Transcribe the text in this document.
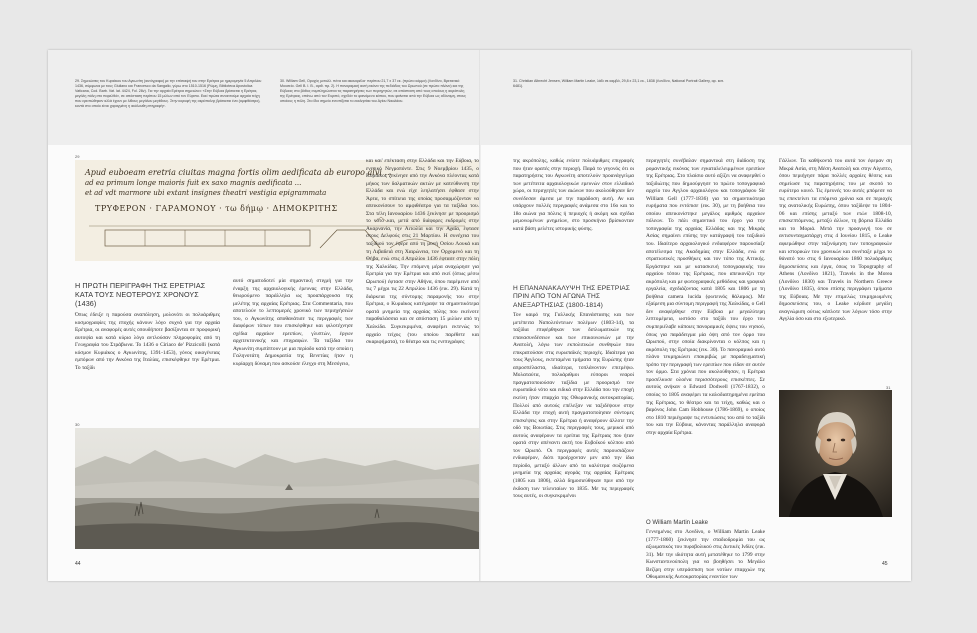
29. Σημειώσεις του Κυριάκου του Αγκωνίτη (αυτόγραφο) με την επίσκεψή του στην Ερέτρια με ημερομηνία 5 Απριλίου 1436, σύμφωνα με τους Giuliano και Francesco da Sangallo, γύρω στο 1510-1516 (Ρώμη, Biblioteca Apostolica Vaticana, Cod. Barb. Vat. lat. 4424, Fol. 28v). Για την αρχαία Ερέτρια σημειώνει: «Στην Εύβοια βρίσκεται η Ερέτρια, μεγάλη πόλη στο παρελθόν, σε απόσταση περίπου 15 μιλίων από τον Εύριπο. Εκεί πρώτα συναντούμε αρχαία τείχη που ερειπώθηκαν αλλά έχουν με λίθους μεγάλου μεγέθους. Στην κορυφή της ακρόπολης βρίσκεται ένα (αμφιθέατρο), κοντά στο οποίο είναι χαραγμένη η ακόλουθη επιγραφή».
30. William Gell, Ορυχός μεταλλ. πένα και ακουαρέλα· περίπου 21,7 x 37 εκ. (πρώτο κόμμα) (Λονδίνο, Βρετανικό Μουσείο. Gell B. I. B., αριθ. πρ. 2). Η πανοραμική αυτή εικόνα της πεδιάδας του Ωρωπού (σε πρώτο πλάνο) και της Εύβοιας στο βάθος συμπληρώνεται τις παρατηρήσεις των περιηγητών, σε απόσταση από τους οποίους η ακρόπολη της Ερέτριας, επάνω από τον Ευριπό, σχεδόν το φαινόμενο κάπου, που φαίνεται από την Εύβοια ως αδύναμη, στους οποίους η πόλη. Στο ίδιο σημείο εντοπίζεται το εκκλησάκι του Αγίου Νικολάου.
31. Christian Albrecht Jensen, William Martin Leake, λάδι σε καμβά, 29,8 x 23,1 εκ., 1838 (Λονδίνο, National Portrait Gallery, αρ. κατ. 6481).
29
Apud euboeam eretria ciuitas magna fortis olim aedificata ab europo alvi ...
ad ea primum longe maioris fuit ex saxo magnis aedificata ...
et ad vdt marmore ubi extant insignes theatri vestigia epigrammata
ΤΡΥΦΕΡΟΝ · ΓΑΡΑΜΟΝΟΥ · τω δήμῳ · ΔΗΜΟΚΡΙΤΗΣ
Η ΠΡΩΤΗ ΠΕΡΙΓΡΑΦΗ ΤΗΣ ΕΡΕΤΡΙΑΣ ΚΑΤΑ ΤΟΥΣ ΝΕΟΤΕΡΟΥΣ ΧΡΟΝΟΥΣ (1436)

Όπως έδειξε η παρούσα αναπόληση, μολονότι οι πολυάριθμες κοσμογραφίες της εποχής κάνουν λόγο συχνά για την αρχαία Ερέτρια, οι αναφορές αυτές οπουδήποτε βασίζονται σε προφορική αυτοψία και κατά κύριο λόγο αντλούσαν πληροφορίες από τη Γεωγραφία του Στράβωνα. Το 1436 ο Ciriaco de' Pizzicolli (κατά κόσμον Κυριάκος ο Αγκωνίτης, 1391-1453), γόνος οικογένειας εμπόρων από την Ανκόνα της Ιταλίας, επισκέφθηκε την Ερέτρια. Το ταξίδι

αυτό σηματοδοτεί μία σημαντική στιγμή για την έναρξη της αρχαιολογικής έρευνας στην Ελλάδα, θεωρούμενο παράλληλα ως προαπάρχουσα της μελέτης της αρχαίας Ερέτριας. Στα Commentaria, που αποτελούν το λεπτομερές χρονικό των περιηγήσεών του, ο Αγκωνίτης αποθανάτισε τις περιγραφές των διαφόρων τόπων που επισκέφθηκε και φιλοτέχνησε σχέδια αρχαίων ερειπίων, γλυπτών, έργων αρχιτεκτονικής και επιγραφών. Τα ταξίδια του Αγκωνίτη συμπίπτουν με μια περίοδο κατά την οποία η Γαληνοτάτη Δημοκρατία της Βενετίας ήταν η κυρίαρχη δύναμη που ασκούσε έλεγχο στη Μεσόγειο,

και και' επέκταση στην Ελλάδα και την Εύβοια, το ενετικό Νεγροπόντε. Στις 9 Νοεμβρίου 1435, ο Κυριάκος ξεκίνησε από την Ανκόνα πλέοντας κατά μήκος των δαλματικών ακτών με κατεύθυνση την Ελλάδα και ενώ είχε λεηλατήσει έφθασε στην Άρτα, το σπίτιεια της οποίας προσαρμόζονταν να απεικονίσουν το αμφιθέατρο για τα ταξίδια του. Στα τέλη Ιανουαρίου 1436 ξεκίνησε με προορισμό το νότο και, μετά από διάφορες εκδρομές στην Ακαρνανία, την Αιτωλία και την Αχαΐα, έφτασε στους Δελφούς στις 21 Μαρτίου. Η συνέχεια του ταξιδιού τον έφερε από τη μονή Οσίου Λουκά και τη Λιβαδειά στη Χαιρώνεια, τον Ορχομενό και τη Θήβα, ενώ στις 4 Απριλίου 1436 έφτασε στην πόλη της Χαλκίδας. Την επόμενη μέρα αναχώρησε για Ερετρία για την Ερέτρια και από εκεί (όπως μέσω Ωρωπού) έφτασε στην Αθήνα, όπου παρέμεινε από τις 7 μέχρι τις 22 Απριλίου 1436 (εικ. 29). Κατά τη διάρκεια της σύντομης παραμονής του στην Ερέτρια, ο Κυριάκος κατέγραψε τα σημαντικότερα ορατά μνημεία της αρχαίας πόλης που εκείνοτε παραθαλάσσια και σε απόσταση 15 μιλίων από τη Χαλκίδα. Συγκεκριμένα, αναφέρει εκτενώς το αρχαίο τείχος (του οποίου παρέθετε και σκαριφήματα), το θέατρο και τις ενεπιγράφες

30

της ακρόπολης, καθώς ενίοτε πολυάριθμες επιγραφές που ήταν ορατές στην περιοχή. Παρά το γεγονός ότι οι παρατηρήσεις του Αγκωνίτη αποτελούν προανάγγελμα των μετέπειτα αρχαιολογικών ερευνών στον ελλαδικό χώρο, οι περιηγητές των αιώνων που ακολούθησαν δεν συνέδεσαν άμεσα με την παράδοση αυτή. Αν και υπάρχουν πολλές περιγραφές ανάμεσα στο 16ο και το 18ο αιώνα για πόλεις ή περιοχές ή ακόμη και σχέδια μεμονωμένων μνημείων, στο προσκήνιο βρίσκονταν κατά βάση μελέτες ιστορικής φύσης.

Η ΕΠΑΝΑΝΑΚΑΛΥΨΗ ΤΗΣ ΕΡΕΤΡΙΑΣ ΠΡΙΝ ΑΠΟ ΤΟΝ ΑΓΩΝΑ ΤΗΣ ΑΝΕΞΑΡΤΗΣΙΑΣ (1800-1814)

Τον καιρό της Γαλλικής Επανάστασης και των μετέπειτα Ναπολεόντειων πολέμων (1803-14), τα ταξίδια επιφέρθηκαν των διπλωματικών της επανασυνδέσεων και των επικοινωνιών με την Ανατολή, λόγω των εκπολιτικών συνθηκών που επικρατούσαν στις ευρωπαϊκές περιοχές. Ιδιαίτερα για τους Άγγλους, εκτεταμένα τμήματα της Ευρώπης ήταν απροσπέλαστα, ιδιαίτερα, τοπλάνοντον επιτρέψω. Μολαταύτα, πολυάριθμοι εύποροι νεαροί πραγματοποιούσαν ταξίδια με προορισμό τον ευρωπαϊκό νότο και ειδικά στην Ελλάδα που την εποχή εκείνη ήταν επαρχία της Οθωμανικής αυτοκρατορίας. Πολλοί από αυτούς επέλεξαν να ταξιδέψουν στην Ελλάδα την εποχή αυτή πραγματοποίησαν σύντομες επισκέψεις και στην Ερέτρια ή αναφέρουν άλλοτε την οδό της Βοιωτίας. Στις περιγραφές τους, μερικοί από αυτούς αναφέρουν τα ερείπια της Ερέτριας που ήταν ορατά στην απέναντι ακτή του Ευβοϊκού κόλπου από τον Ωρωπό. Οι περιγραφές αυτές παρουσιάζουν ενδιαφέρον, διότι προέρχονταν μεν από την ίδια περίοδο, μεταξύ άλλων από τα καλύτερα σωζόμενα μνημεία της αρχαίας αγοράς της αρχαίας Ερέτριας (1805 και 1806), αλλά δημοσιεύθηκαν πριν από την έκδοση των τελευταίων το 1835. Με τις περιγραφές τους αυτές, οι συγκεκριμένοι

περιηγητές συνέβαλαν σημαντικά στη διάδοση της ρομαντικής εικόνας των εγκαταλελειμμένων ερειπίων της Ερέτριας. Στο πλαίσιο αυτό αξίζει να αναφερθεί ο ταξιδιώτης που δημιούργησε το πρώτο τοπογραφικό αρχείο του Αγγλου αρχαιολόγου και τοπογράφου Sir William Gell (1777-1836) για τα σημαντικότερα ευρήματα που εντόπισε (εικ. 30), με τη βοήθεια του οποίου απεικονίστηκε μεγάλος αριθμός αρχαίων πόλεων. Το πάλι σημαντικό του έργο για την τοπογραφία της αρχαίας Ελλάδας και της Μικράς Ασίας σημαίνει επίσης την κατάγραφή του ταξιδιού του. Ιδιαίτερο αρχαιολογικό ενδιαφέρον παρουσίαζε αποτέλεσμα της Ακαδημίας στην Ελλάδα, ενώ σε στρατιωτικές προσθήκες και τον τόπο της Αττικής. Εργάστηκε και με κατασκευή τοπογραφικής του αρχαίου τόπου της Ερέτριας, που απεικονίζει την ακρόπολη και με φωτογραφικές μεθόδους και γραφικά εργαλεία, σχεδιάζοντας κατά 1805 και 1806 με τη βοήθεια camera lucida (φωτεινός θάλαμος). Με εξαίρεση μια σύντομη περιγραφή της Χαλκίδας, ο Gell δεν αναφέρθηκε στην Εύβοια με μεγαλύτερη λεπτομέρεια, ωστόσο στο ταξίδι του έργο του συμπεριέλαβε κάποιες πανοραμικές όψεις του νησιού, όπως για παράδειγμα μία όψη από τον όρμο του Ωρωπού, στην οποία διακρίνονται ο κόλπος και η ακρόπολη της Ερέτριας (εικ. 30). Το πανοραμικό αυτό πλάνο τεκμηριώνει επακριβώς με παραδειγματική τρόπο την περιγραφή των ερειπίων που είδαν σε αυτόν τον όρμο. Στα χρόνια που ακολούθησαν, η Ερέτρια προσέλκυσε ολοένα περισσότερους επισκέπτες. Σε αυτούς ανήκαν ο Edward Dodwell (1767-1832), ο οποίος το 1805 αναφέρει τα καλοδιατηρημένα ερείπια της Ερέτριας, το θέατρο και τα τείχη, καθώς και ο βαρόνος John Cam Hobhouse (1786-1869), ο οποίος στο 1810 περιέγραψε τις εντυπώσεις του από το ταξίδι του και την Εύβοια, κάνοντας παράλληλα αναφορά στην αρχαία Ερέτρια.

Ο William Martin Leake

Γεννημένος στο Λονδίνο, ο William Martin Leake (1777-1860) ξεκίνησε την σταδιοδρομία του ως αξιωματικός του πυροβολικού στις Δυτικές Ινδίες (εικ. 31). Με την ιδιότητα αυτή μετατέθηκε το 1799 στην Κωνσταντινούπολη για να βοηθήσει το Μεγάλο Βεζίρη στην υπεράσπιση των νοτίων επαρχιών της Οθωμανικής Αυτοκρατορίας εναντίον των

Γάλλων. Τα καθήκοντά του αυτά τον έφεραν ση Μικρά Ασία, στη Μέση Ανατολή και στην Αίγυπτο, όπου περιήγησε πάρα πολλές αρχαίες θέσεις και σημείωσε τις παρατηρήσεις του με σκοπό το ευρύτερο κοινό. Τις έρευνές του αυτές μπόρεσε να τις επεκτείνει τα επόμενα χρόνια και σε περιοχές της ανατολικής Ευρώπης, όπου ταξίδεψε το 1804-06 και επίσης μεταξύ των ετών 1808-10, επισκεπτόμενος, μεταξύ άλλων, τη βόρεια Ελλάδα και το Μοριά. Μετά την προαγωγή του σε αντισυνταγματάρχη στις 4 Ιουνίου 1815, ο Leake αφιερώθηκε στην ταξινόμηση των τοπογραφικών και ιστορικών του χρονικών και συνέταξε μέχρι το θάνατό του στις 6 Ιανουαρίου 1860 πολυάριθμες δημοσιεύσεις και έργα, όπως το Topography of Athens (Λονδίνο 1821), Travels in the Morea (Λονδίνο 1830) και Travels in Northern Greece (Λονδίνο 1835), όπου επίσης περιγράφει τμήματα της Εύβοιας. Με την επιμελώς τεκμηριωμένες δημοσιεύσεις του, ο Leake κέρδισε μεγάλη αναγνώριση ούτως κάπλοτε των λόγιων τόσο στην Αγγλία όσο και στο εξωτερικό.

31
44	45
